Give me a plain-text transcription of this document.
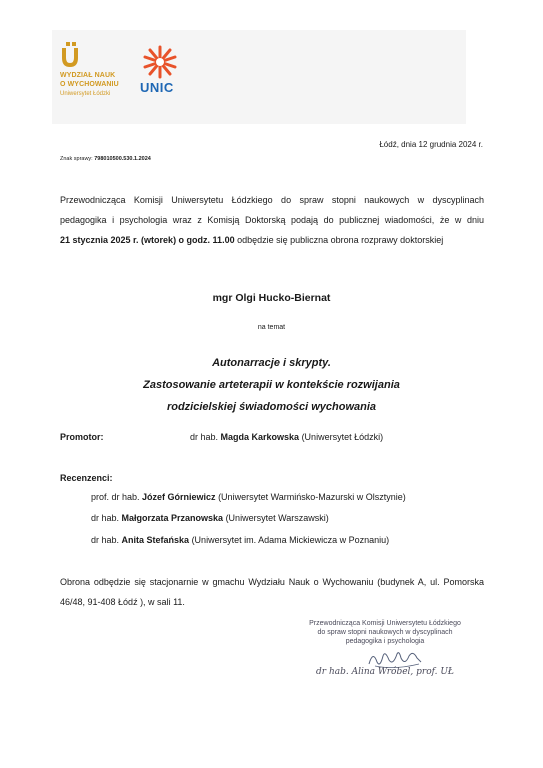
WYDZIAŁ NAUK
O WYCHOWANIU
Uniwersytet Łódzki UNIC
Łódź, dnia 12 grudnia 2024 r.
Znak sprawy: 798010500.530.1.2024
Przewodnicząca Komisji Uniwersytetu Łódzkiego do spraw stopni naukowych w dyscyplinach
pedagogika i psychologia wraz z Komisją Doktorską podają do publicznej wiadomości, że w dniu
21 stycznia 2025 r. (wtorek) o godz. 11.00 odbędzie się publiczna obrona rozprawy doktorskiej
mgr Olgi Hucko-Biernat
na temat
Autonarracje i skrypty.
Zastosowanie arteterapii w kontekście rozwijania
rodzicielskiej świadomości wychowania
Promotor:	dr hab. Magda Karkowska (Uniwersytet Łódzki)
Recenzenci:
prof. dr hab. Józef Górniewicz (Uniwersytet Warmińsko-Mazurski w Olsztynie)
dr hab. Małgorzata Przanowska (Uniwersytet Warszawski)
dr hab. Anita Stefańska (Uniwersytet im. Adama Mickiewicza w Poznaniu)
Obrona odbędzie się stacjonarnie w gmachu Wydziału Nauk o Wychowaniu (budynek A, ul. Pomorska 46/48, 91-408 Łódź ), w sali 11.
Przewodnicząca Komisji Uniwersytetu Łódzkiego
do spraw stopni naukowych w dyscyplinach
pedagogika i psychologia
dr hab. Alina Wróbel, prof. UŁ
